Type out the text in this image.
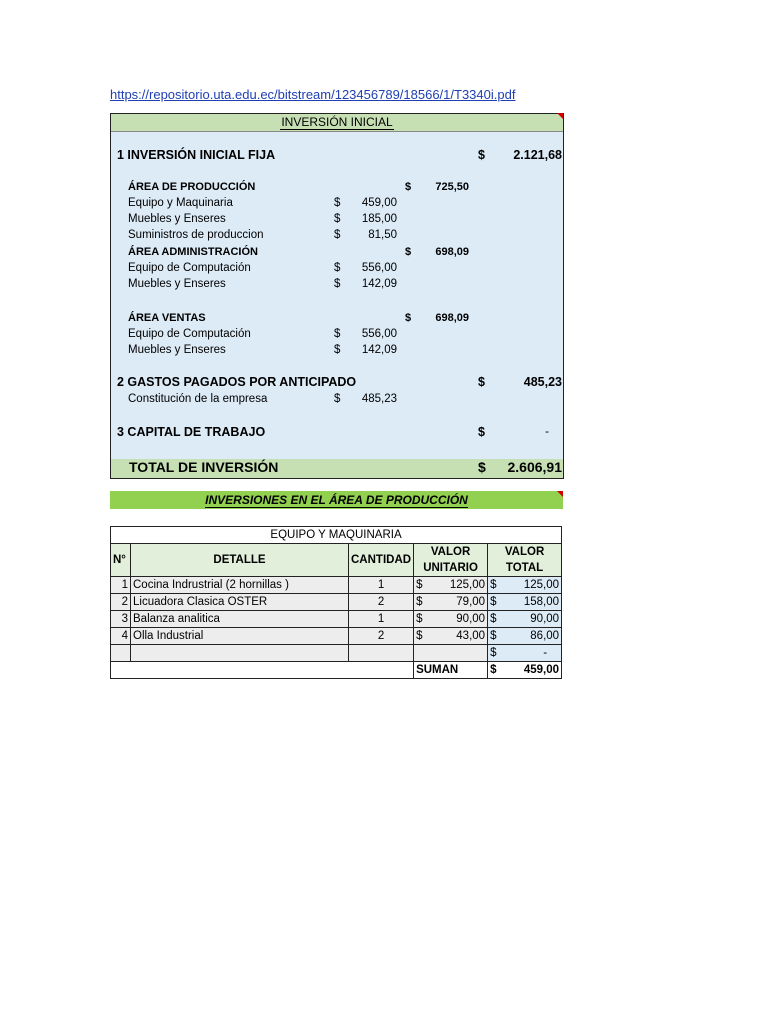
https://repositorio.uta.edu.ec/bitstream/123456789/18566/1/T3340i.pdf
INVERSIÓN INICIAL
1 INVERSIÓN INICIAL FIJA	$ 2.121,68
ÁREA DE PRODUCCIÓN	$ 725,50
Equipo y Maquinaria	$ 459,00
Muebles y Enseres	$ 185,00
Suministros de produccion	$ 81,50
ÁREA ADMINISTRACIÓN	$ 698,09
Equipo de Computación	$ 556,00
Muebles y Enseres	$ 142,09
ÁREA VENTAS	$ 698,09
Equipo de Computación	$ 556,00
Muebles y Enseres	$ 142,09
2 GASTOS PAGADOS POR ANTICIPADO	$	485,23
Constitución de la empresa	$ 485,23
3 CAPITAL DE TRABAJO	$	-
TOTAL DE INVERSIÓN	$ 2.606,91
INVERSIONES EN EL ÁREA DE PRODUCCIÓN
EQUIPO Y MAQUINARIA				
N°	DETALLE	CANTIDAD	VALOR	VALOR
			UNITARIO	TOTAL
1	Cocina Indrustrial (2 hornillas )	1	$ 125,00	$ 125,00

2	Licuadora Clasica OSTER	2	$ 79,00	$ 158,00

3	Balanza analitica	1	$ 90,00	$ 90,00

4	Olla Industrial	2	$ 43,00	$ 86,00

				$ -

			SUMAN	$ 459,00
